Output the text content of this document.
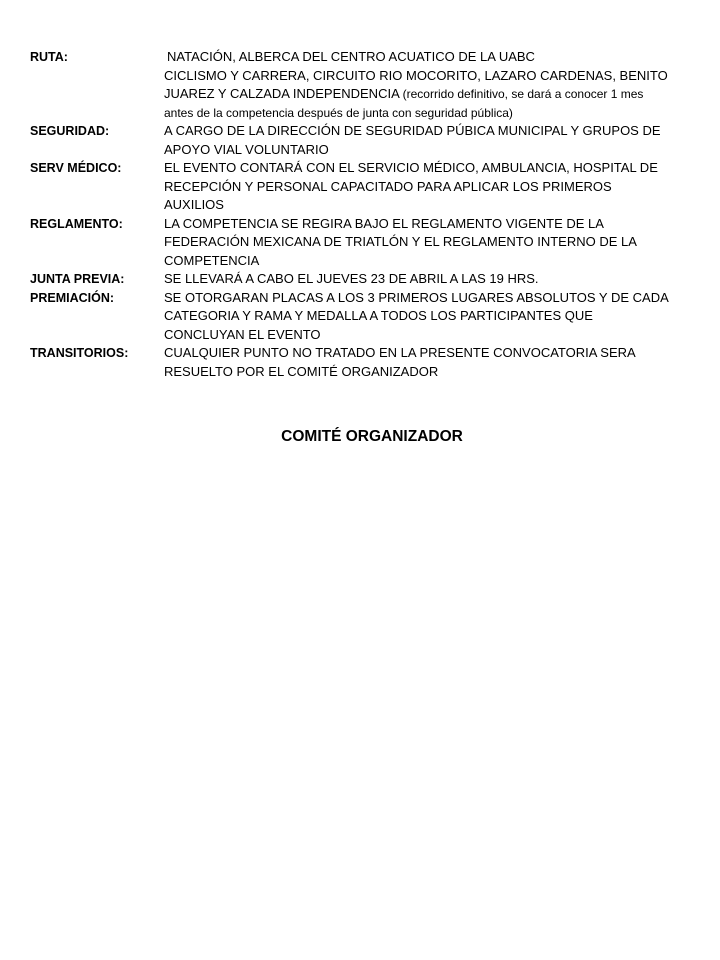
RUTA:	NATACIÓN, ALBERCA DEL CENTRO ACUATICO DE LA UABC
CICLISMO Y CARRERA, CIRCUITO RIO MOCORITO, LAZARO CARDENAS, BENITO
JUAREZ Y CALZADA INDEPENDENCIA (recorrido definitivo, se dará a conocer 1 mes
antes de la competencia después de junta con seguridad pública)
SEGURIDAD:	A CARGO DE LA DIRECCIÓN DE SEGURIDAD PÚBICA MUNICIPAL Y GRUPOS DE
APOYO VIAL VOLUNTARIO
SERV MÉDICO:	EL EVENTO CONTARÁ CON EL SERVICIO MÉDICO, AMBULANCIA, HOSPITAL DE
RECEPCIÓN Y PERSONAL CAPACITADO PARA APLICAR LOS PRIMEROS
AUXILIOS
REGLAMENTO:	LA COMPETENCIA SE REGIRA BAJO EL REGLAMENTO VIGENTE DE LA
FEDERACIÓN MEXICANA DE TRIATLÓN Y EL REGLAMENTO INTERNO DE LA
COMPETENCIA
JUNTA PREVIA:	SE LLEVARÁ A CABO EL JUEVES 23 DE ABRIL A LAS 19 HRS.
PREMIACIÓN:	SE OTORGARAN PLACAS A LOS 3 PRIMEROS LUGARES ABSOLUTOS Y DE CADA
CATEGORIA Y RAMA Y MEDALLA A TODOS LOS PARTICIPANTES QUE
CONCLUYAN EL EVENTO
TRANSITORIOS:	CUALQUIER PUNTO NO TRATADO EN LA PRESENTE CONVOCATORIA SERA
RESUELTO POR EL COMITÉ ORGANIZADOR
COMITÉ ORGANIZADOR
